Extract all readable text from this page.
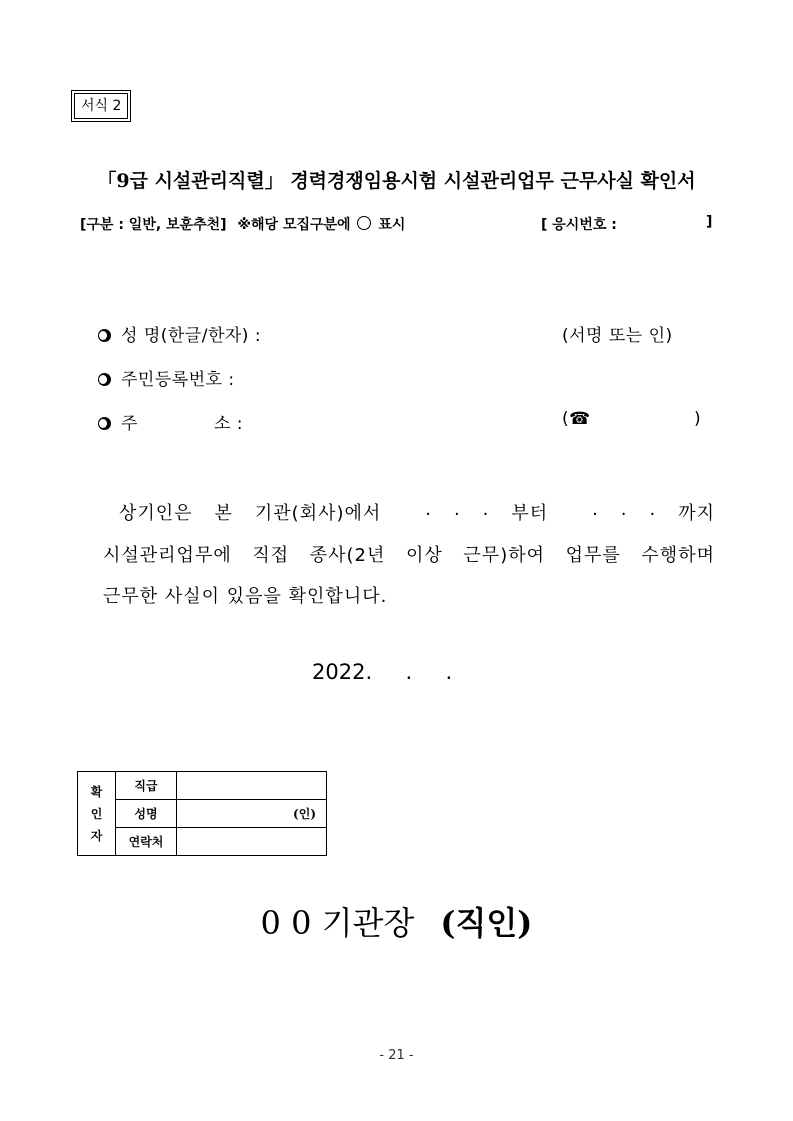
서식 2
「9급 시설관리직렬」 경력경쟁임용시험 시설관리업무 근무사실 확인서
[구분 : 일반, 보훈추천] ※해당 모집구분에 ○ 표시	[ 응시번호 :	]
성 명(한글/한자) :	(서명 또는 인)
주민등록번호 :
주	소 :	(☎	)
상기인은 본 기관(회사)에서 . . . 부터 . . . 까지
시설관리업무에 직접 종사(2년 이상 근무)하여 업무를 수행하며
근무한 사실이 있음을 확인합니다.
2022.     .     .
확
인
자	직급	
	성명	(인)
	연락처	
0 0 기관장 (직인)
- 21 -
